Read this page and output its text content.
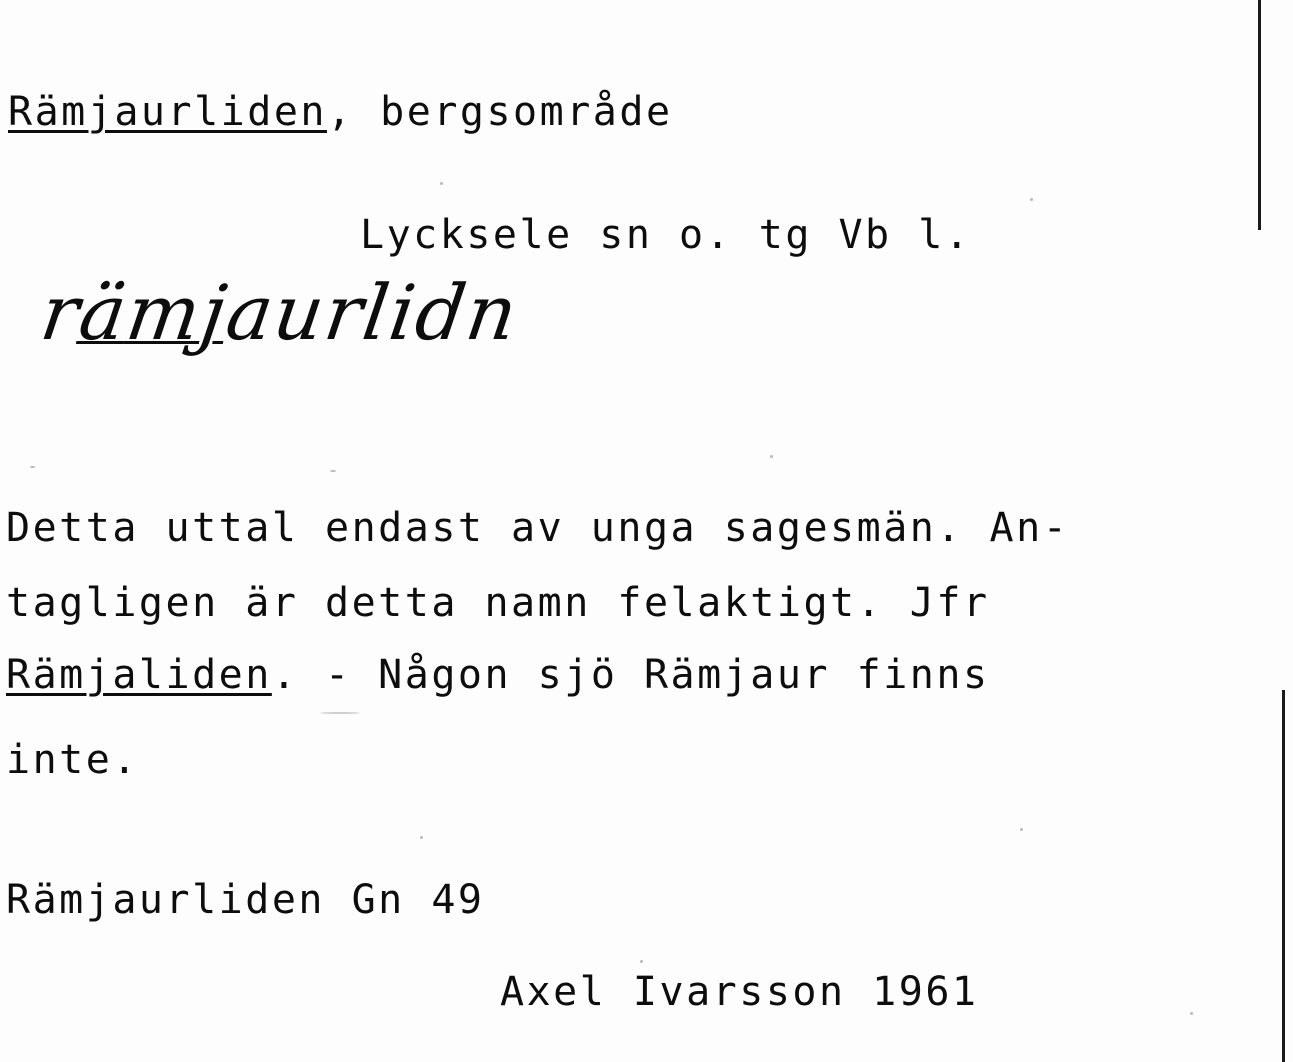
Rämjaurliden, bergsområde
Lycksele sn o. tg Vb l.
rämjaurlidn
Detta uttal endast av unga sagesmän. An-
tagligen är detta namn felaktigt. Jfr
Rämjaliden. - Någon sjö Rämjaur finns
inte.
Rämjaurliden Gn 49
Axel Ivarsson 1961
